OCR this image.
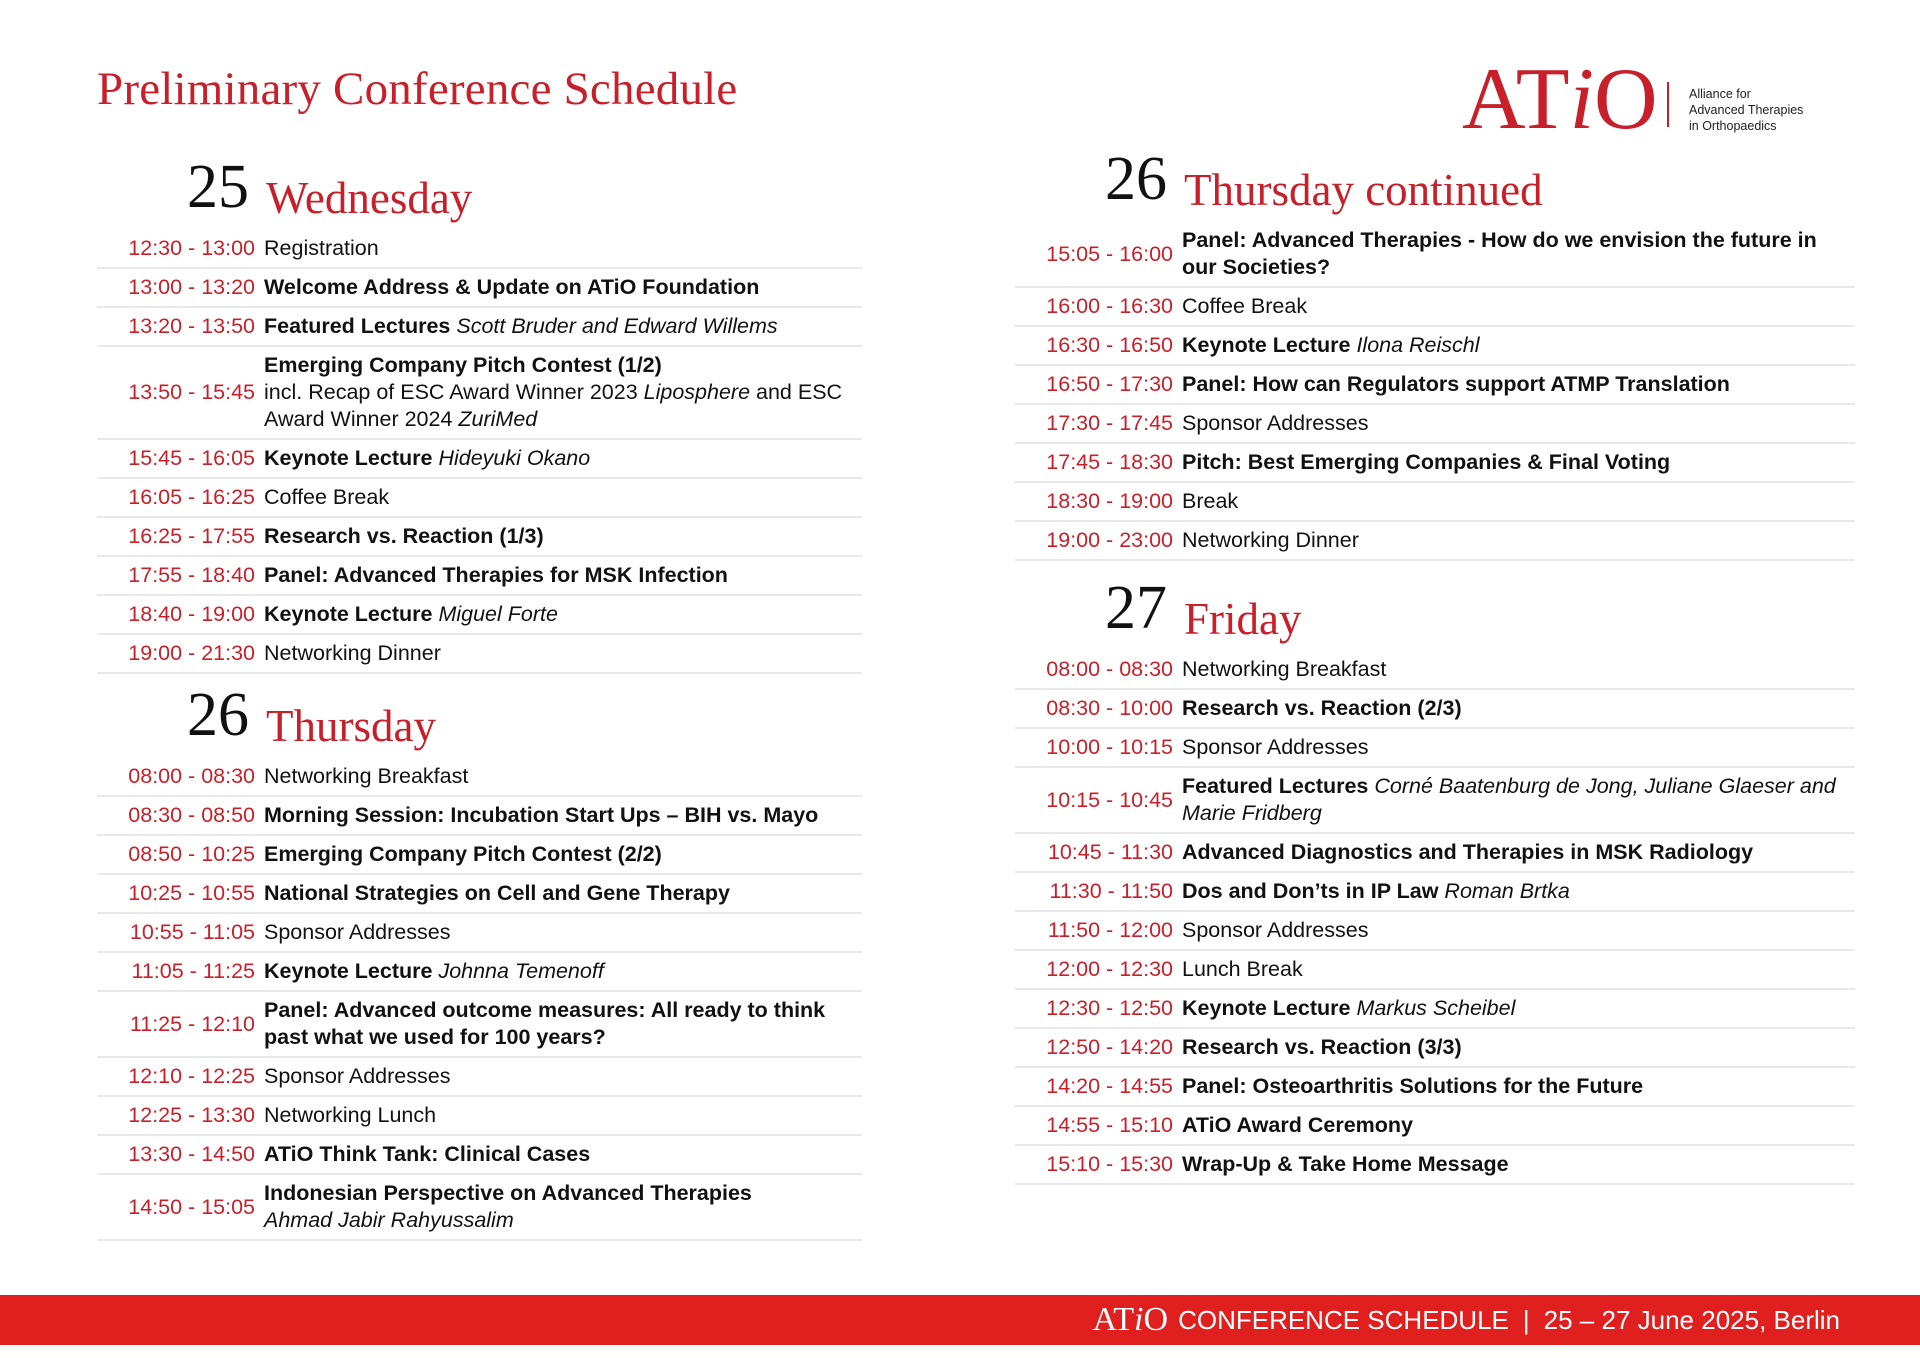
Preliminary Conference Schedule	ATiO	Alliance for
Advanced Therapies
in Orthopaedics
25 Wednesday
12:30 - 13:00 Registration
13:00 - 13:20 Welcome Address & Update on ATiO Foundation
13:20 - 13:50 Featured Lectures Scott Bruder and Edward Willems
13:50 - 15:45
Emerging Company Pitch Contest (1/2)
incl. Recap of ESC Award Winner 2023 Liposphere and ESC Award Winner 2024 ZuriMed
15:45 - 16:05 Keynote Lecture Hideyuki Okano
16:05 - 16:25 Coffee Break
16:25 - 17:55 Research vs. Reaction (1/3)
17:55 - 18:40 Panel: Advanced Therapies for MSK Infection
18:40 - 19:00 Keynote Lecture Miguel Forte
19:00 - 21:30 Networking Dinner
26 Thursday
08:00 - 08:30 Networking Breakfast
08:30 - 08:50 Morning Session: Incubation Start Ups – BIH vs. Mayo
08:50 - 10:25 Emerging Company Pitch Contest (2/2)
10:25 - 10:55 National Strategies on Cell and Gene Therapy
10:55 - 11:05 Sponsor Addresses
11:05 - 11:25 Keynote Lecture Johnna Temenoff
11:25 - 12:10
Panel: Advanced outcome measures: All ready to think past what we used for 100 years?
12:10 - 12:25 Sponsor Addresses
12:25 - 13:30 Networking Lunch
13:30 - 14:50 ATiO Think Tank: Clinical Cases
14:50 - 15:05
Indonesian Perspective on Advanced Therapies
Ahmad Jabir Rahyussalim
26 Thursday continued
15:05 - 16:00
Panel: Advanced Therapies - How do we envision the future in our Societies?
16:00 - 16:30 Coffee Break
16:30 - 16:50 Keynote Lecture Ilona Reischl
16:50 - 17:30 Panel: How can Regulators support ATMP Translation
17:30 - 17:45 Sponsor Addresses
17:45 - 18:30 Pitch: Best Emerging Companies & Final Voting
18:30 - 19:00 Break
19:00 - 23:00 Networking Dinner
27 Friday
08:00 - 08:30 Networking Breakfast
08:30 - 10:00 Research vs. Reaction (2/3)
10:00 - 10:15 Sponsor Addresses
10:15 - 10:45
Featured Lectures Corné Baatenburg de Jong, Juliane Glaeser and Marie Fridberg
10:45 - 11:30 Advanced Diagnostics and Therapies in MSK Radiology
11:30 - 11:50 Dos and Don’ts in IP Law Roman Brtka
11:50 - 12:00 Sponsor Addresses
12:00 - 12:30 Lunch Break
12:30 - 12:50 Keynote Lecture Markus Scheibel
12:50 - 14:20 Research vs. Reaction (3/3)
14:20 - 14:55 Panel: Osteoarthritis Solutions for the Future
14:55 - 15:10 ATiO Award Ceremony
15:10 - 15:30 Wrap-Up & Take Home Message
ATiO CONFERENCE SCHEDULE | 25 – 27 June 2025, Berlin
